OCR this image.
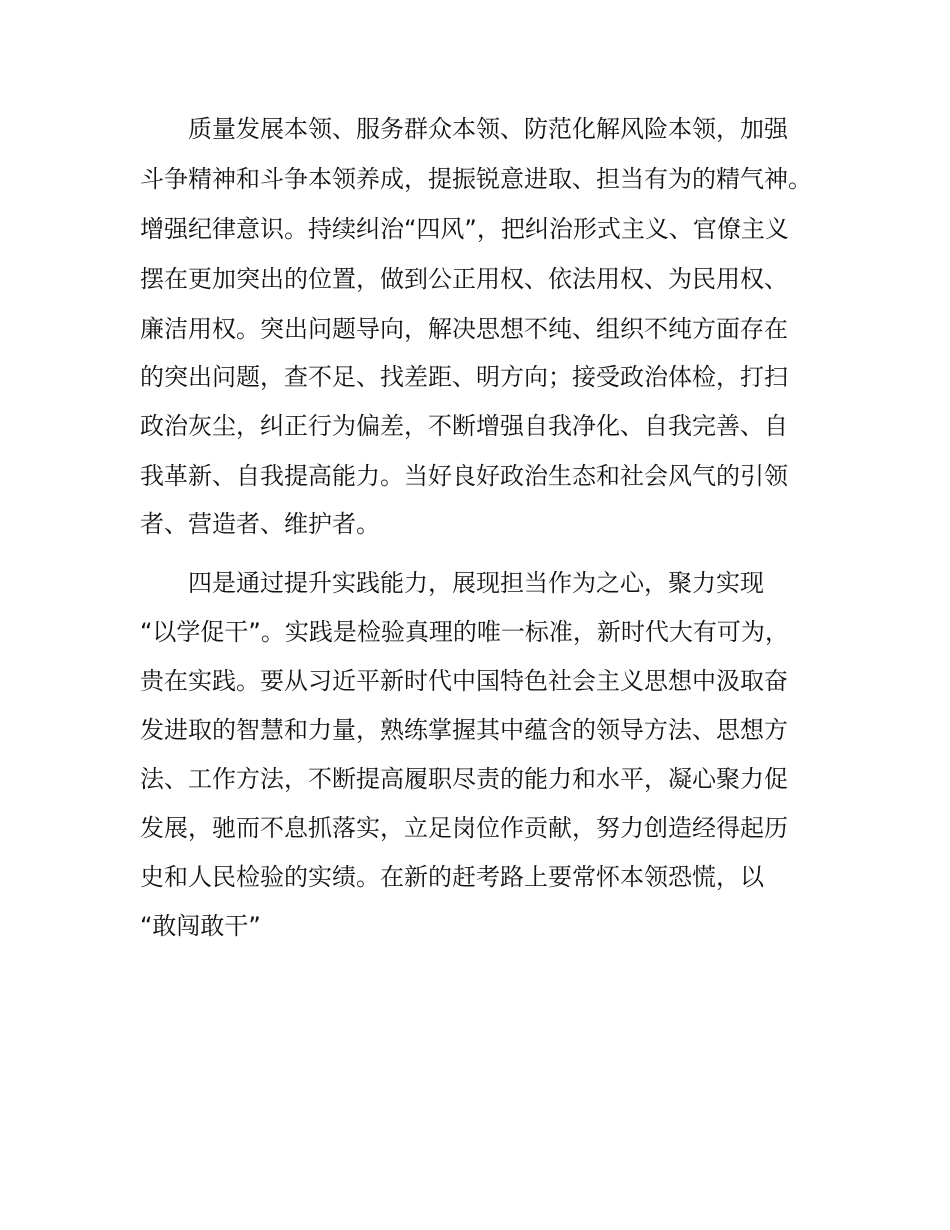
质量发展本领、服务群众本领、防范化解风险本领，加强
斗争精神和斗争本领养成，提振锐意进取、担当有为的精气神。
增强纪律意识。持续纠治“四风”，把纠治形式主义、官僚主义
摆在更加突出的位置，做到公正用权、依法用权、为民用权、
廉洁用权。突出问题导向，解决思想不纯、组织不纯方面存在
的突出问题，查不足、找差距、明方向；接受政治体检，打扫
政治灰尘，纠正行为偏差，不断增强自我净化、自我完善、自
我革新、自我提高能力。当好良好政治生态和社会风气的引领
者、营造者、维护者。
四是通过提升实践能力，展现担当作为之心，聚力实现
“以学促干”。实践是检验真理的唯一标准，新时代大有可为，
贵在实践。要从习近平新时代中国特色社会主义思想中汲取奋
发进取的智慧和力量，熟练掌握其中蕴含的领导方法、思想方
法、工作方法，不断提高履职尽责的能力和水平，凝心聚力促
发展，驰而不息抓落实，立足岗位作贡献，努力创造经得起历
史和人民检验的实绩。在新的赶考路上要常怀本领恐慌，以
“敢闯敢干”
